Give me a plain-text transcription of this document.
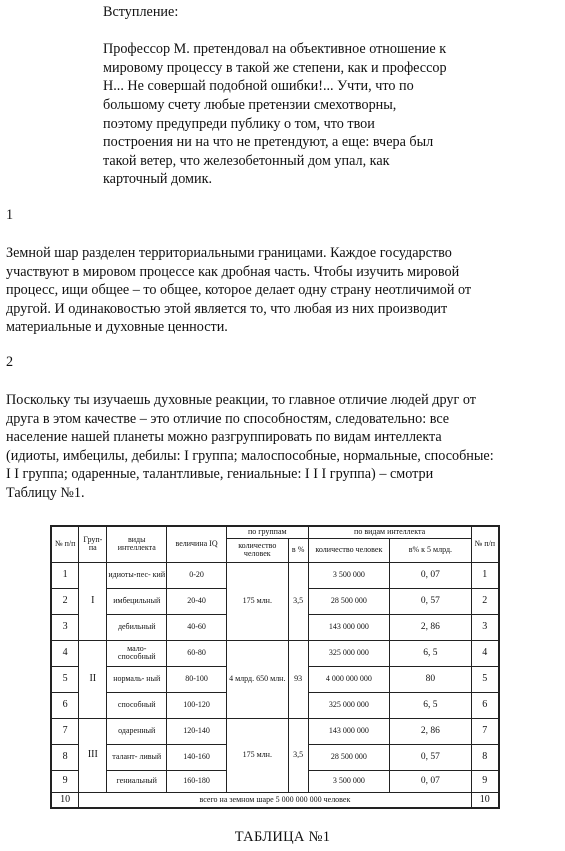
Вступление:

Профессор М. претендовал на объективное отношение к

мировому процессу в такой же степени, как и профессор

Н... Не совершай подобной ошибки!... Учти, что по

большому счету любые претензии смехотворны,

поэтому предупреди публику о том, что твои

построения ни на что не претендуют, а еще: вчера был

такой ветер, что железобетонный дом упал, как

карточный домик.

1

Земной шар разделен территориальными границами. Каждое государство

участвуют в мировом процессе как дробная часть. Чтобы изучить мировой

процесс, ищи общее – то общее, которое делает одну страну неотличимой от

другой. И одинаковостью этой является то, что любая из них производит

материальные и духовные ценности.

2

Поскольку ты изучаешь духовные реакции, то главное отличие людей друг от

друга в этом качестве – это отличие по способностям, следовательно: все

население нашей планеты можно разгруппировать по видам интеллекта

(идиоты, имбецилы, дебилы: I группа; малоспособные, нормальные, способные:

I I группа; одаренные, талантливые, гениальные: I I I группа) – смотри

Таблицу №1.

№ п/п	Груп- па	виды интеллекта	величина IQ	по группам		по видам интеллекта		№ п/п
				количество человек	в %	количество человек	в% к 5 млрд.	
1	I	идиоты-пес- кий	0-20	175 млн.	3,5	3 500 000	0, 07	1
2		имбецильный	20-40			28 500 000	0, 57	2
3		дебильный	40-60			143 000 000	2, 86	3
4	II	мало- способный	60-80	4 млрд. 650 млн.	93	325 000 000	6, 5	4
5		нормаль- ный	80-100			4 000 000 000	80	5
6		способный	100-120			325 000 000	6, 5	6
7	III	одаренный	120-140	175 млн.	3,5	143 000 000	2, 86	7
8		талант- ливый	140-160			28 500 000	0, 57	8
9		гениальный	160-180			3 500 000	0, 07	9
10	всего на земном шаре 5 000 000 000 человек							10
ТАБЛИЦА №1
